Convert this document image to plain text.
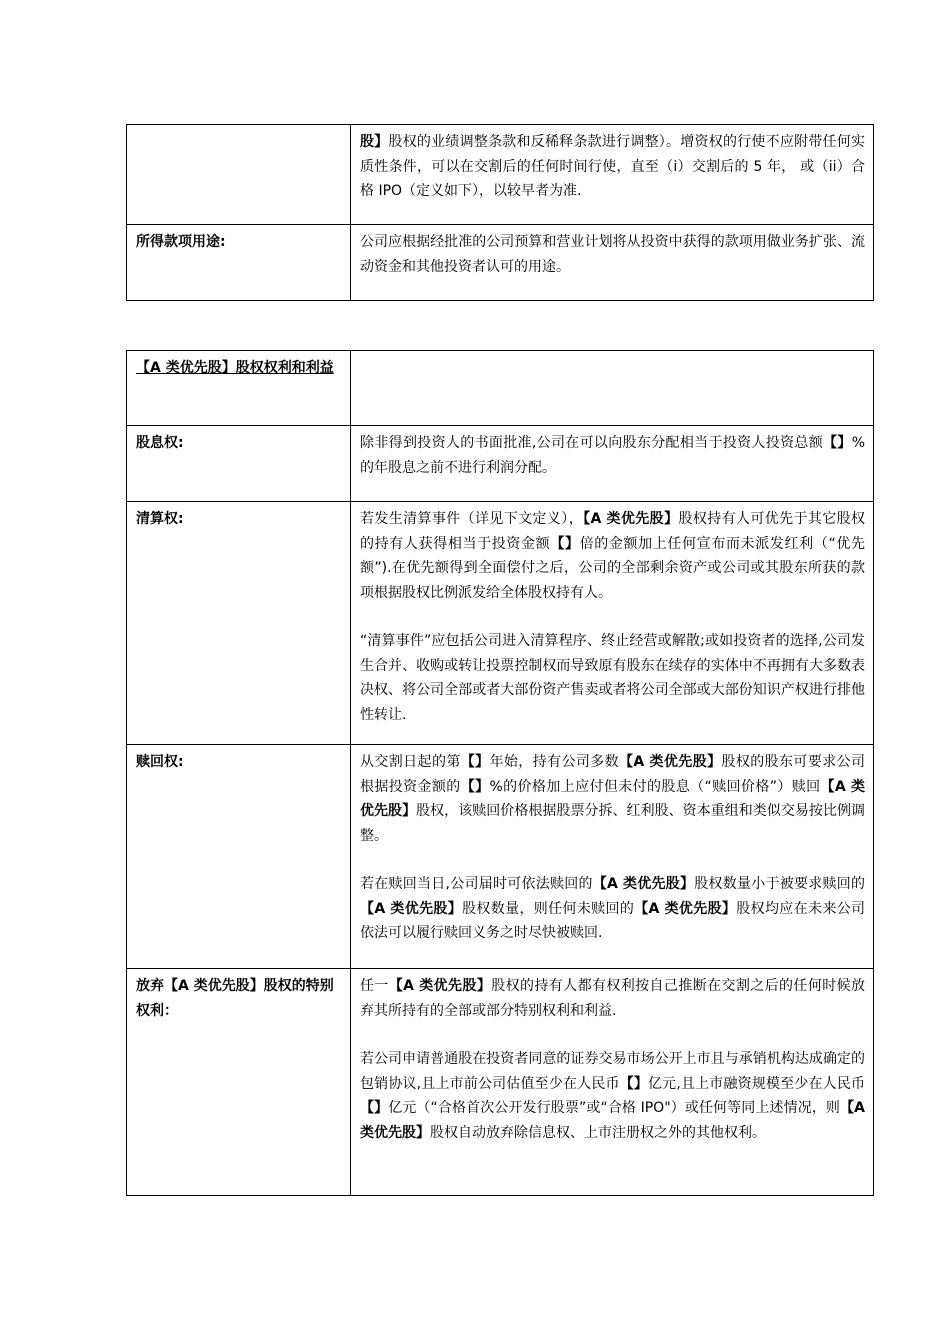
	股】股权的业绩调整条款和反稀释条款进行调整）。增资权的行使不应附带任何实质性条件，可以在交割后的任何时间行使，直至（i）交割后的 5 年， 或（ii）合格 IPO（定义如下），以较早者为准.

所得款项用途:	公司应根据经批准的公司预算和营业计划将从投资中获得的款项用做业务扩张、流动资金和其他投资者认可的用途。

【A 类优先股】股权权利和利益	
股息权:	除非得到投资人的书面批准,公司在可以向股东分配相当于投资人投资总额【】%的年股息之前不进行利润分配。

清算权:	若发生清算事件（详见下文定义），【A 类优先股】股权持有人可优先于其它股权的持有人获得相当于投资金额【】倍的金额加上任何宣布而未派发红利（“优先额”).在优先额得到全面偿付之后，公司的全部剩余资产或公司或其股东所获的款项根据股权比例派发给全体股权持有人。

“清算事件”应包括公司进入清算程序、终止经营或解散;或如投资者的选择,公司发生合并、收购或转让投票控制权而导致原有股东在续存的实体中不再拥有大多数表决权、将公司全部或者大部份资产售卖或者将公司全部或大部份知识产权进行排他性转让.

赎回权:	从交割日起的第【】年始，持有公司多数【A 类优先股】股权的股东可要求公司根据投资金额的【】%的价格加上应付但未付的股息（“赎回价格”）赎回【A 类优先股】股权，该赎回价格根据股票分拆、红利股、资本重组和类似交易按比例调整。

若在赎回当日,公司届时可依法赎回的【A 类优先股】股权数量小于被要求赎回的【A 类优先股】股权数量，则任何未赎回的【A 类优先股】股权均应在未来公司依法可以履行赎回义务之时尽快被赎回.

放弃【A 类优先股】股权的特别权利：	任一【A 类优先股】股权的持有人都有权利按自己推断在交割之后的任何时候放弃其所持有的全部或部分特别权利和利益.

若公司申请普通股在投资者同意的证券交易市场公开上市且与承销机构达成确定的包销协议,且上市前公司估值至少在人民币【】亿元,且上市融资规模至少在人民币【】亿元（“合格首次公开发行股票”或“合格 IPO"）或任何等同上述情况，则【A 类优先股】股权自动放弃除信息权、上市注册权之外的其他权利。
